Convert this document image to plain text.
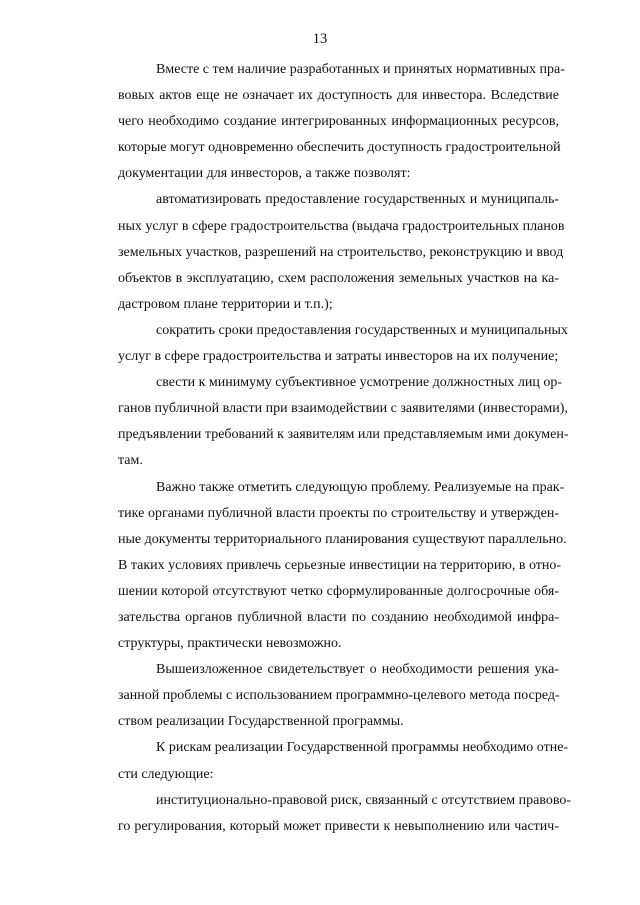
13

Вместе с тем наличие разработанных и принятых нормативных пра-
вовых актов еще не означает их доступность для инвестора. Вследствие
чего необходимо создание интегрированных информационных ресурсов,
которые могут одновременно обеспечить доступность градостроительной
документации для инвесторов, а также позволят:

автоматизировать предоставление государственных и муниципаль-
ных услуг в сфере градостроительства (выдача градостроительных планов
земельных участков, разрешений на строительство, реконструкцию и ввод
объектов в эксплуатацию, схем расположения земельных участков на ка-
дастровом плане территории и т.п.);

сократить сроки предоставления государственных и муниципальных
услуг в сфере градостроительства и затраты инвесторов на их получение;

свести к минимуму субъективное усмотрение должностных лиц ор-
ганов публичной власти при взаимодействии с заявителями (инвесторами),
предъявлении требований к заявителям или представляемым ими докумен-
там.

Важно также отметить следующую проблему. Реализуемые на прак-
тике органами публичной власти проекты по строительству и утвержден-
ные документы территориального планирования существуют параллельно.
В таких условиях привлечь серьезные инвестиции на территорию, в отно-
шении которой отсутствуют четко сформулированные долгосрочные обя-
зательства органов публичной власти по созданию необходимой инфра-
структуры, практически невозможно.

Вышеизложенное свидетельствует о необходимости решения ука-
занной проблемы с использованием программно-целевого метода посред-
ством реализации Государственной программы.

К рискам реализации Государственной программы необходимо отне-
сти следующие:

институционально-правовой риск, связанный с отсутствием правово-
го регулирования, который может привести к невыполнению или частич-
